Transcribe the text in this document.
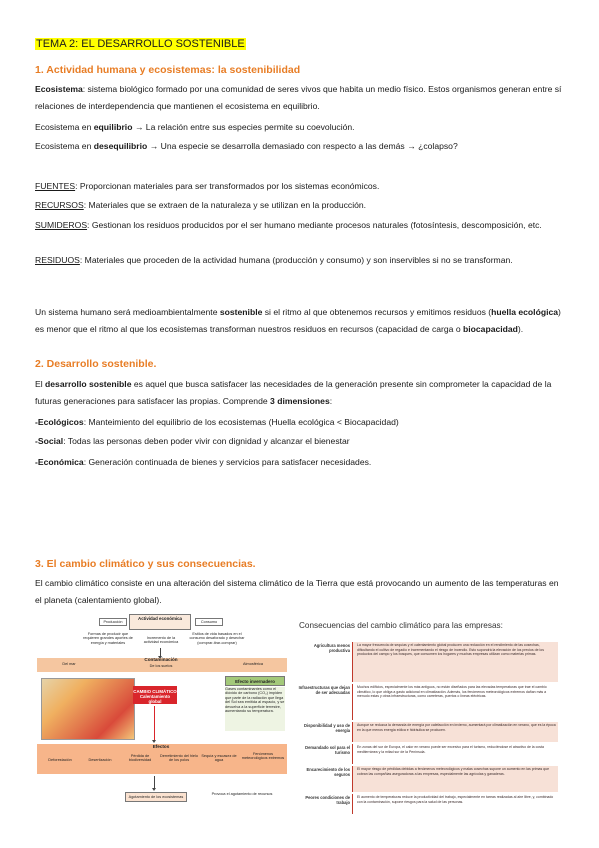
TEMA 2: EL DESARROLLO SOSTENIBLE
1. Actividad humana y ecosistemas: la sostenibilidad

Ecosistema: sistema biológico formado por una comunidad de seres vivos que habita un medio físico. Estos organismos generan entre sí relaciones de interdependencia que mantienen el ecosistema en equilibrio.

Ecosistema en equilibrio → La relación entre sus especies permite su coevolución.

Ecosistema en desequilibrio → Una especie se desarrolla demasiado con respecto a las demás → ¿colapso?

FUENTES: Proporcionan materiales para ser transformados por los sistemas económicos.

RECURSOS: Materiales que se extraen de la naturaleza y se utilizan en la producción.

SUMIDEROS: Gestionan los residuos producidos por el ser humano mediante procesos naturales (fotosíntesis, descomposición, etc.

RESIDUOS: Materiales que proceden de la actividad humana (producción y consumo) y son inservibles si no se transforman.

Un sistema humano será medioambientalmente sostenible si el ritmo al que obtenemos recursos y emitimos residuos (huella ecológica) es menor que el ritmo al que los ecosistemas transforman nuestros residuos en recursos (capacidad de carga o biocapacidad).

2. Desarrollo sostenible.

El desarrollo sostenible es aquel que busca satisfacer las necesidades de la generación presente sin comprometer la capacidad de la futuras generaciones para satisfacer las propias. Comprende 3 dimensiones:

-Ecológicos: Manteimiento del equilibrio de los ecosistemas (Huella ecológica < Biocapacidad)

-Social: Todas las personas deben poder vivir con dignidad y alcanzar el bienestar

-Económica: Generación continuada de bienes y servicios para satisfacer necesidades.

3. El cambio climático y sus consecuencias.

El cambio climático consiste en una alteración del sistema climático de la Tierra que está provocando un aumento de las temperaturas en el planeta (calentamiento global).

Actividad económica
Producción	Consumo
Formas de producir que requieren grandes aportes de energía y materiales
Incremento de la actividad económica
Estilos de vida basados en el consumo desaforado y desechar (comprar-tirar-comprar)
Del mar
Contaminación
De los suelos	Atmosférica
CAMBIO CLIMÁTICO Calentamiento global
Efecto invernadero
Gases contaminantes como el dióxido de carbono (CO₂) impiden que parte de la radiación que llega del Sol sea emitida al espacio, y se devuelva a la superficie terrestre, aumentando su temperatura.
Efectos
Deforestación	Desertización
Pérdida de biodiversidad
Derretimiento del hielo de los polos
Sequía y escasez de agua
Fenómenos meteorológicos extremos
Agotamiento de los ecosistemas
Provoca el agotamiento de recursos
Consecuencias del cambio climático para las empresas:
Agricultura menos productiva
La mayor frecuencia de sequías y el calentamiento global producen una reducción en el rendimiento de las cosechas, dificultando el cultivo de regadío e incrementando el riesgo de incendio. Esto supondrá la elevación de los precios de los productos del campo y los bosques, que consumen los hogares y muchas empresas utilizan como materias primas.
Infraestructuras que dejan de ser adecuadas
Muchos edificios, especialmente los más antiguos, no están diseñados para las elevadas temperaturas que trae el cambio climático, lo que obliga a gasto adicional en climatización. Además, los fenómenos meteorológicos extremos dañan más a menudo estas y otras infraestructuras, como carreteras, puertos o líneas eléctricas.
Disponibilidad y uso de energía
Aunque se reduzca la demanda de energía por calefacción en invierno, aumentará por climatización en verano, que es la época en la que menos energía eólica e hidráulica se producen.
Demandado sol para el turismo
En zonas del sur de Europa, el calor en verano puede ser excesivo para el turismo, reduciéndose el atractivo de la costa mediterránea y la mitad sur de la Península.
Encarecimiento de los seguros
El mayor riesgo de pérdidas debidas a fenómenos meteorológicos y malas cosechas supone un aumento en las primas que cobran las compañías aseguradoras a las empresas, especialmente las agrícolas y ganaderas.
Peores condiciones de trabajo
El aumento de temperaturas reduce la productividad del trabajo, especialmente en tareas realizadas al aire libre, y, combinado con la contaminación, supone riesgos para la salud de las personas.
